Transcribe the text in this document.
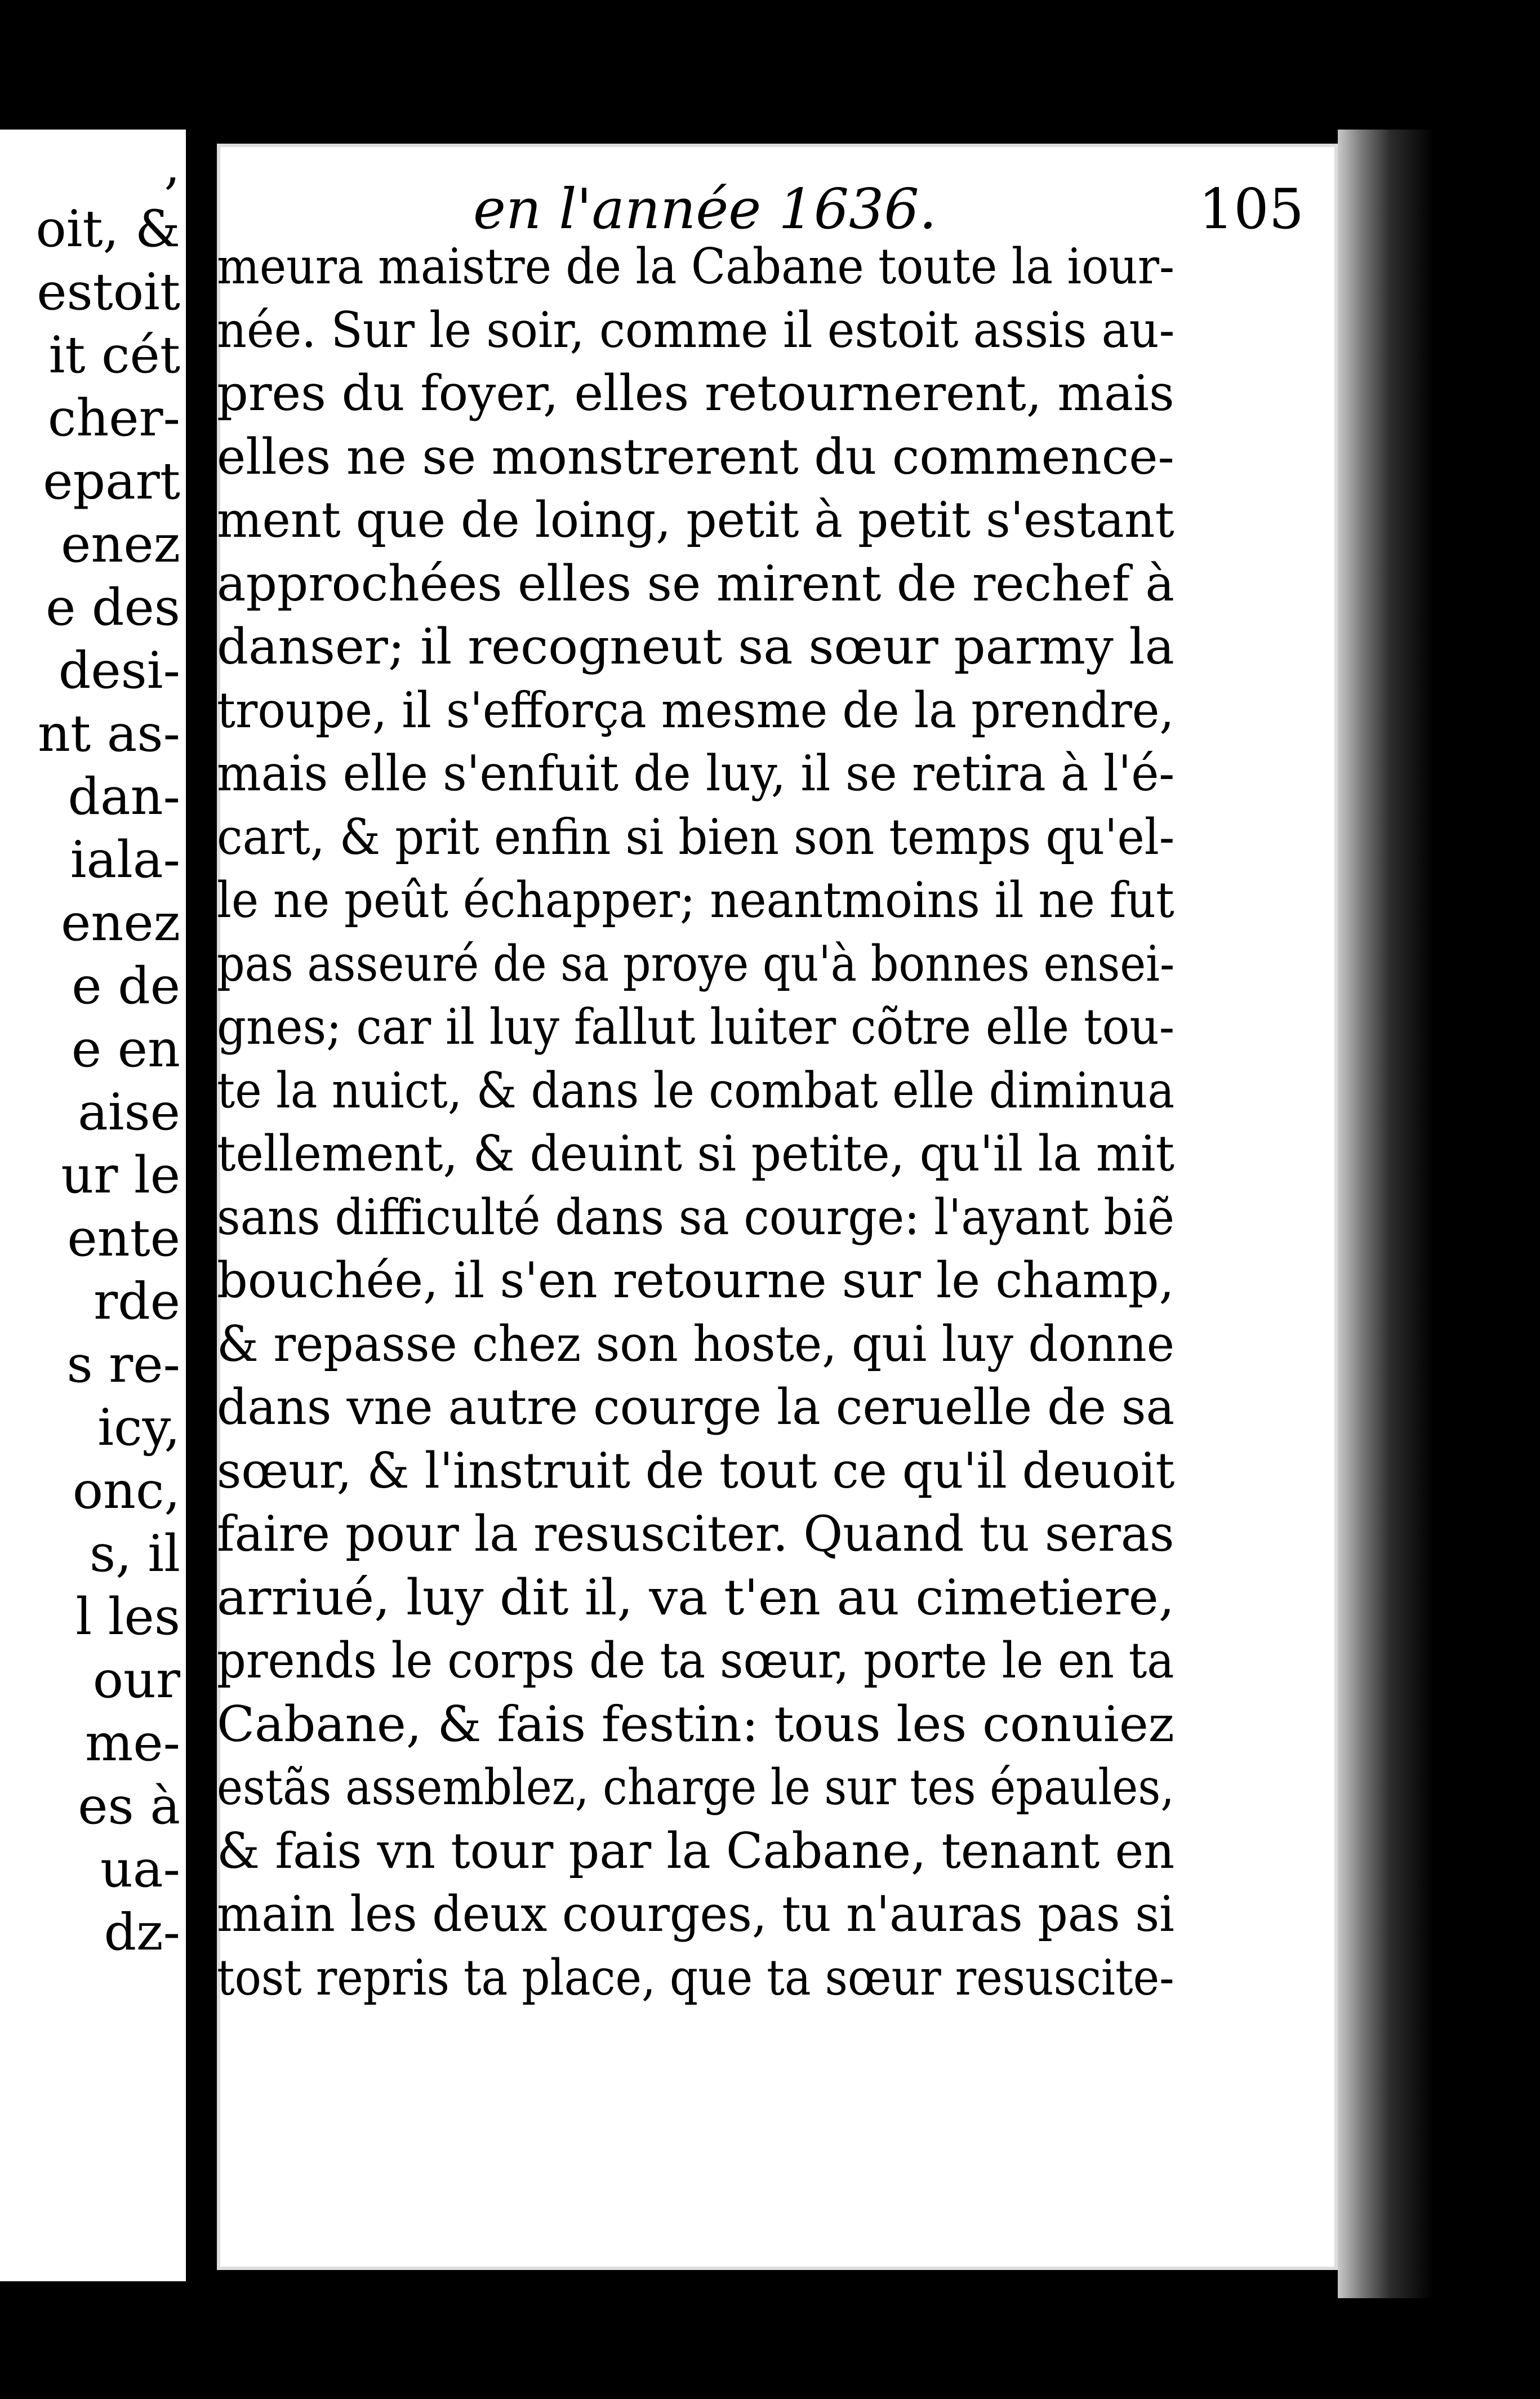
,
oit, &
estoit
it cét
cher-
epart
enez
e des
desi-
nt as-
dan-
iala-
enez
e de
e en
aise
ur le
ente
rde
s re-
icy,
onc,
s, il
l les
our
me-
es à
ua-
dz-
en l'année 1636.	105
meura maistre de la Cabane toute la iour-
née. Sur le soir, comme il estoit assis au-
pres du foyer, elles retournerent, mais
elles ne se monstrerent du commence-
ment que de loing, petit à petit s'estant
approchées elles se mirent de rechef à
danser; il recogneut sa sœur parmy la
troupe, il s'efforça mesme de la prendre,
mais elle s'enfuit de luy, il se retira à l'é-
cart, & prit enfin si bien son temps qu'el-
le ne peût échapper; neantmoins il ne fut
pas asseuré de sa proye qu'à bonnes ensei-
gnes; car il luy fallut luiter cõtre elle tou-
te la nuict, & dans le combat elle diminua
tellement, & deuint si petite, qu'il la mit
sans difficulté dans sa courge: l'ayant biẽ
bouchée, il s'en retourne sur le champ,
& repasse chez son hoste, qui luy donne
dans vne autre courge la ceruelle de sa
sœur, & l'instruit de tout ce qu'il deuoit
faire pour la resusciter. Quand tu seras
arriué, luy dit il, va t'en au cimetiere,
prends le corps de ta sœur, porte le en ta
Cabane, & fais festin: tous les conuiez
estãs assemblez, charge le sur tes épaules,
& fais vn tour par la Cabane, tenant en
main les deux courges, tu n'auras pas si
tost repris ta place, que ta sœur resuscite-
